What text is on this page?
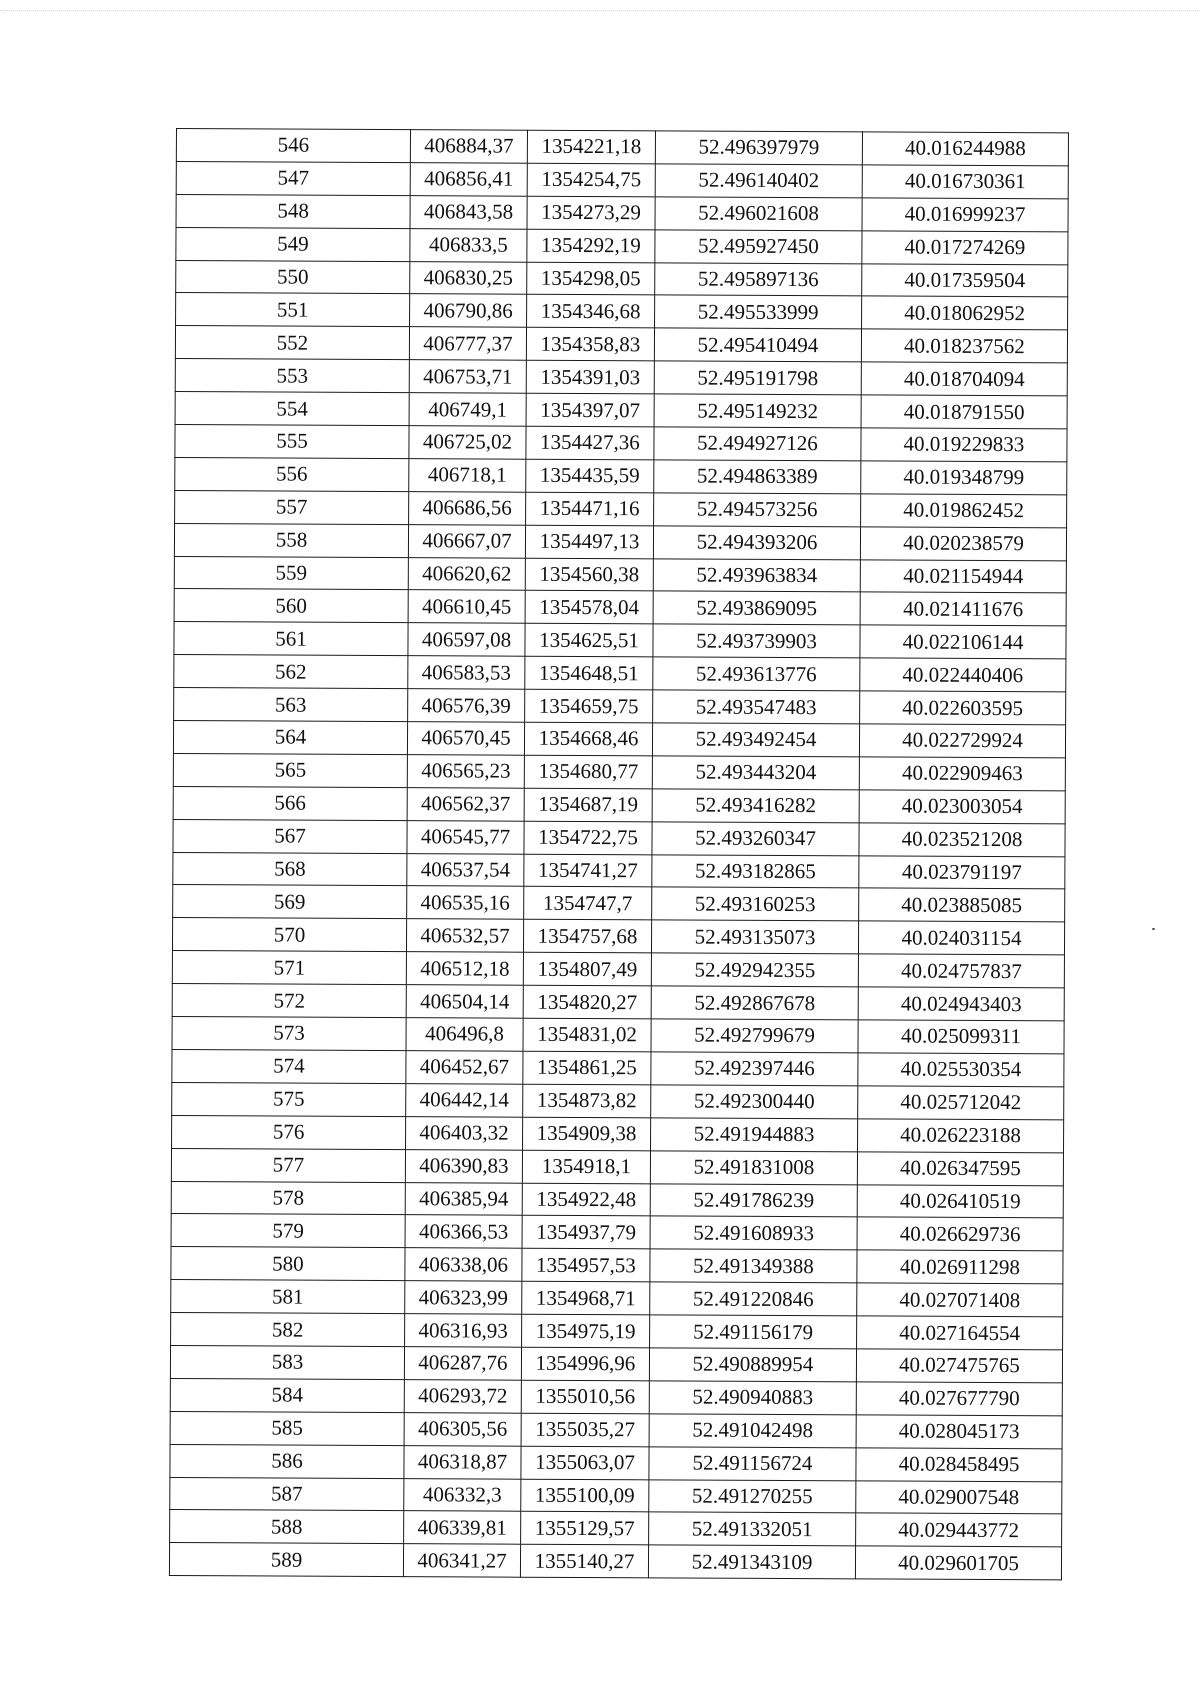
546	406884,37	1354221,18	52.496397979	40.016244988
547	406856,41	1354254,75	52.496140402	40.016730361
548	406843,58	1354273,29	52.496021608	40.016999237
549	406833,5	1354292,19	52.495927450	40.017274269
550	406830,25	1354298,05	52.495897136	40.017359504
551	406790,86	1354346,68	52.495533999	40.018062952
552	406777,37	1354358,83	52.495410494	40.018237562
553	406753,71	1354391,03	52.495191798	40.018704094
554	406749,1	1354397,07	52.495149232	40.018791550
555	406725,02	1354427,36	52.494927126	40.019229833
556	406718,1	1354435,59	52.494863389	40.019348799
557	406686,56	1354471,16	52.494573256	40.019862452
558	406667,07	1354497,13	52.494393206	40.020238579
559	406620,62	1354560,38	52.493963834	40.021154944
560	406610,45	1354578,04	52.493869095	40.021411676
561	406597,08	1354625,51	52.493739903	40.022106144
562	406583,53	1354648,51	52.493613776	40.022440406
563	406576,39	1354659,75	52.493547483	40.022603595
564	406570,45	1354668,46	52.493492454	40.022729924
565	406565,23	1354680,77	52.493443204	40.022909463
566	406562,37	1354687,19	52.493416282	40.023003054
567	406545,77	1354722,75	52.493260347	40.023521208
568	406537,54	1354741,27	52.493182865	40.023791197
569	406535,16	1354747,7	52.493160253	40.023885085
570	406532,57	1354757,68	52.493135073	40.024031154
571	406512,18	1354807,49	52.492942355	40.024757837
572	406504,14	1354820,27	52.492867678	40.024943403
573	406496,8	1354831,02	52.492799679	40.025099311
574	406452,67	1354861,25	52.492397446	40.025530354
575	406442,14	1354873,82	52.492300440	40.025712042
576	406403,32	1354909,38	52.491944883	40.026223188
577	406390,83	1354918,1	52.491831008	40.026347595
578	406385,94	1354922,48	52.491786239	40.026410519
579	406366,53	1354937,79	52.491608933	40.026629736
580	406338,06	1354957,53	52.491349388	40.026911298
581	406323,99	1354968,71	52.491220846	40.027071408
582	406316,93	1354975,19	52.491156179	40.027164554
583	406287,76	1354996,96	52.490889954	40.027475765
584	406293,72	1355010,56	52.490940883	40.027677790
585	406305,56	1355035,27	52.491042498	40.028045173
586	406318,87	1355063,07	52.491156724	40.028458495
587	406332,3	1355100,09	52.491270255	40.029007548
588	406339,81	1355129,57	52.491332051	40.029443772
589	406341,27	1355140,27	52.491343109	40.029601705
